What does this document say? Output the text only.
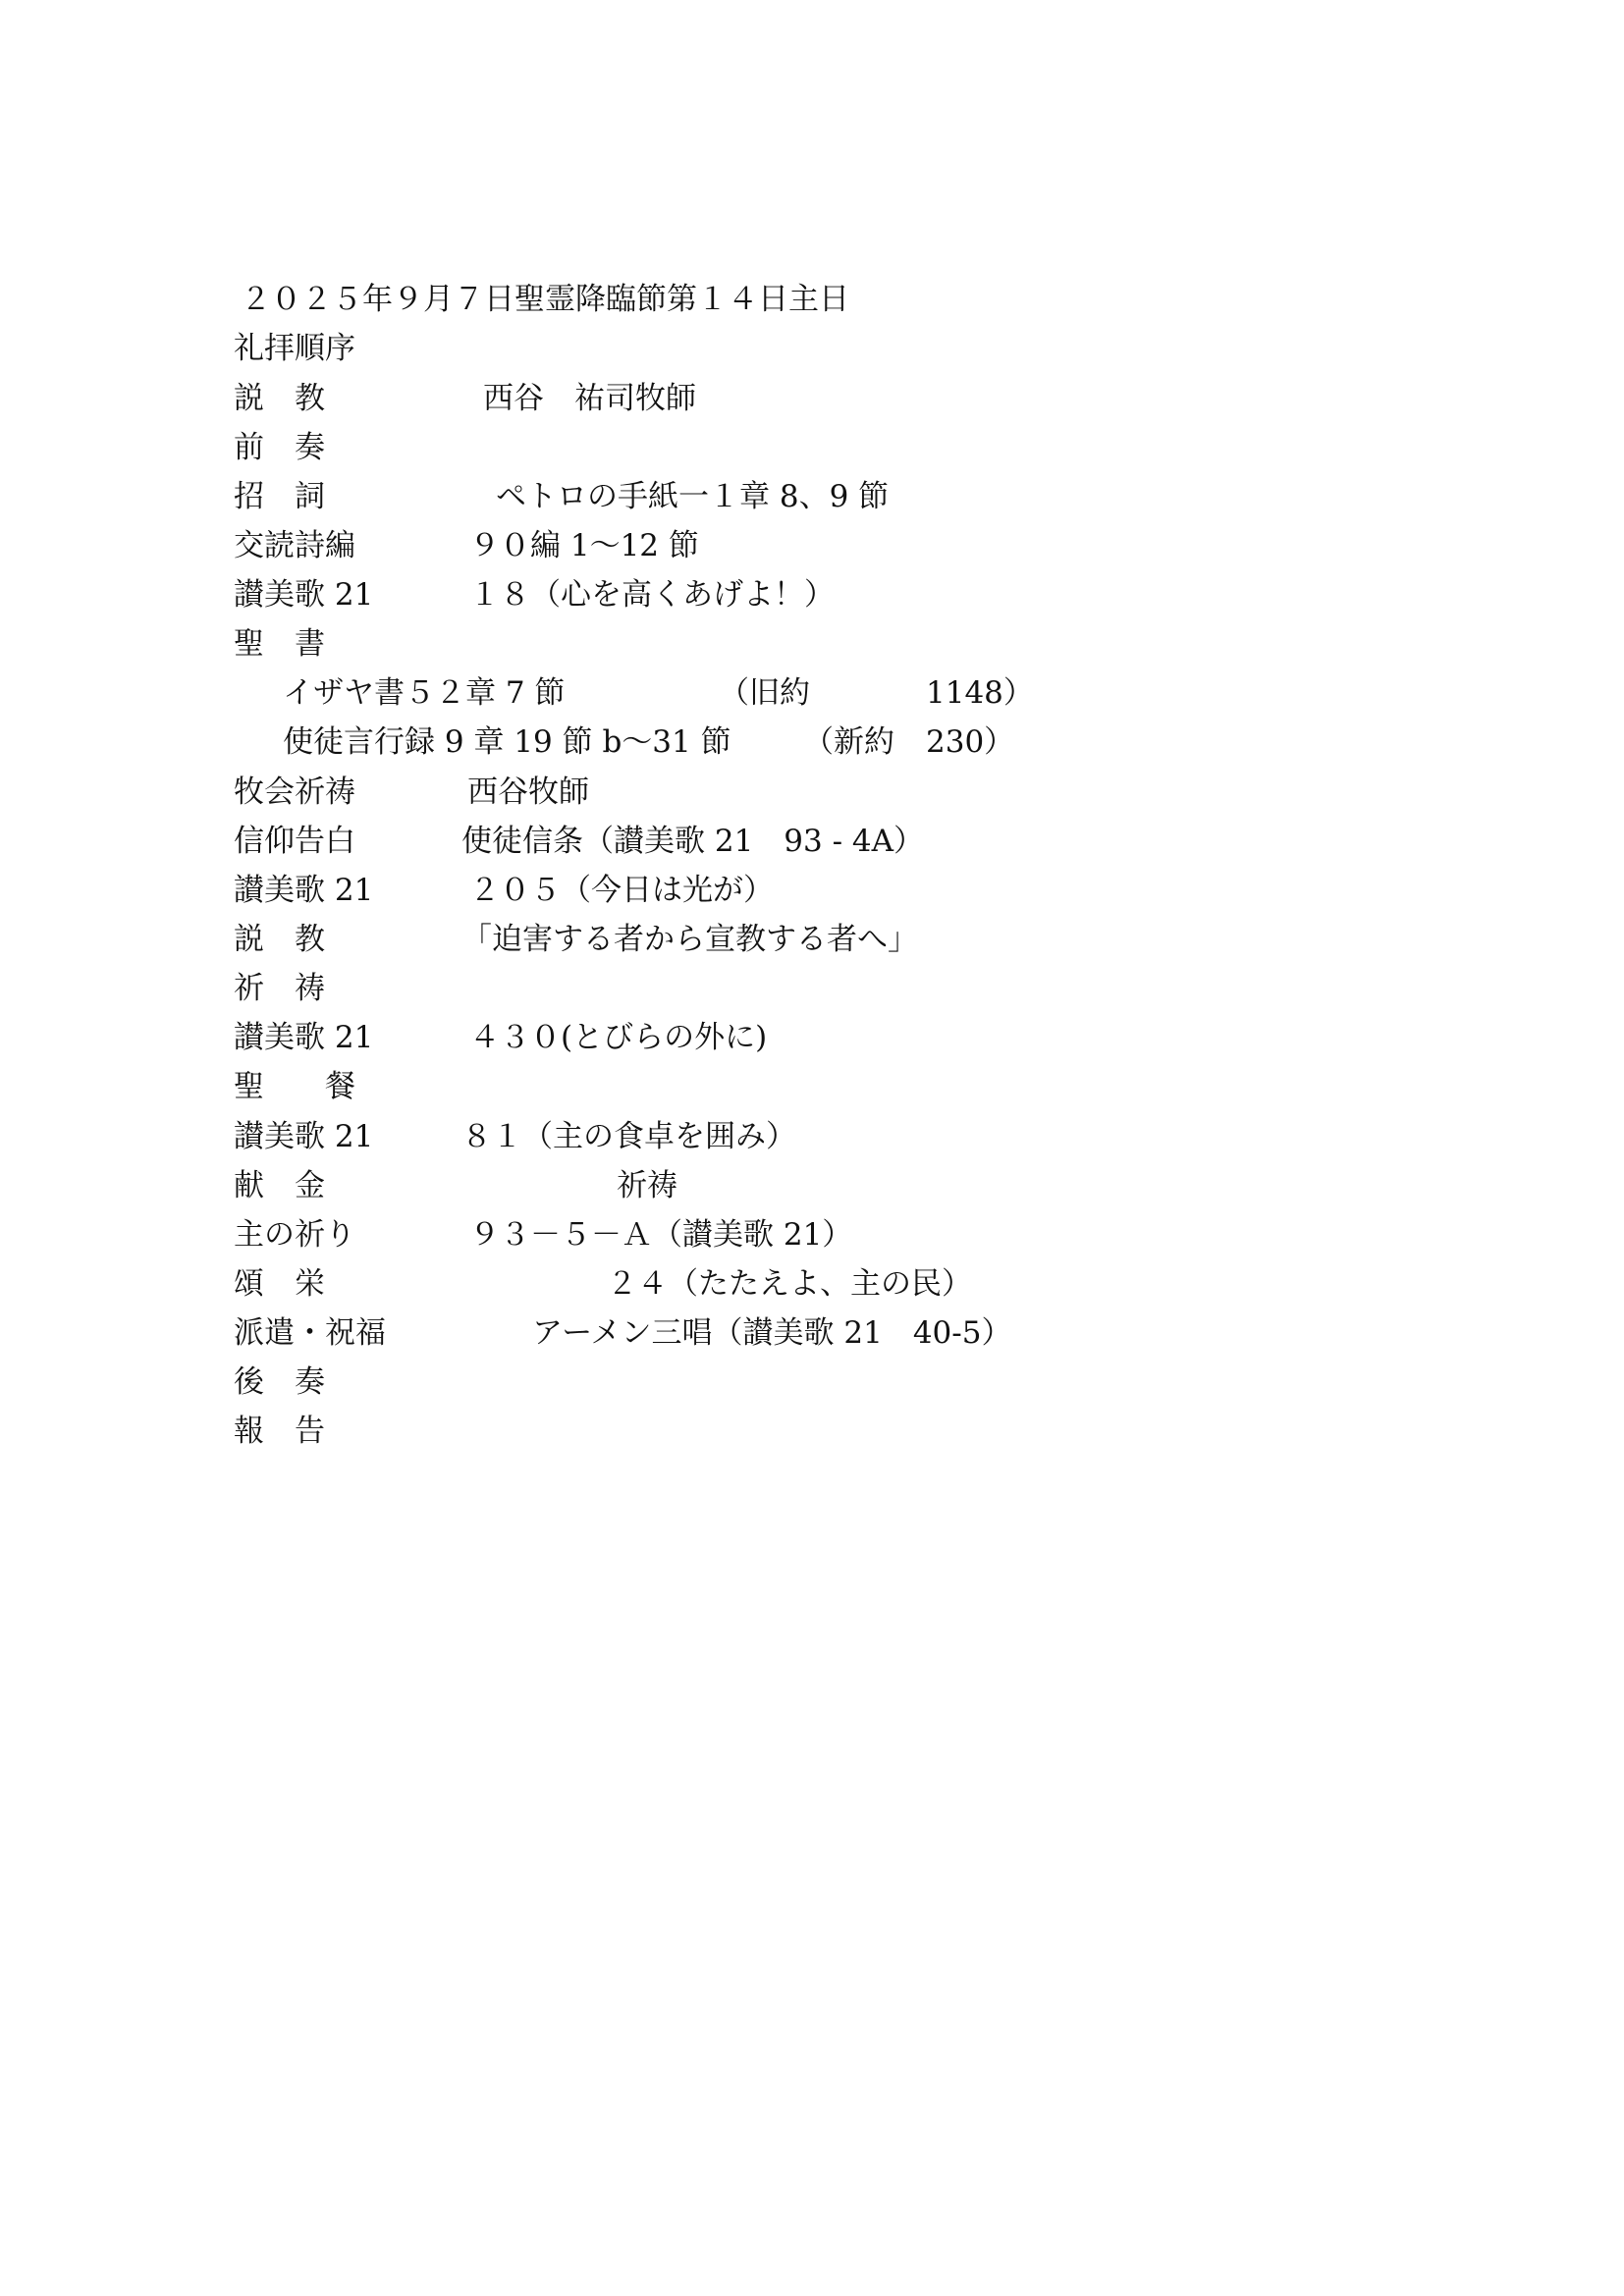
２０２５年９月７日聖霊降臨節第１４日主日
礼拝順序
説　教	西谷　祐司牧師
前　奏
招　詞	ペトロの手紙一１章 8、9 節
交読詩編	９０編 1～12 節
讃美歌 21	１８（心を高くあげよ！）
聖　書
イザヤ書５２章 7 節	（旧約	1148）
使徒言行録 9 章 19 節 b～31 節 （新約 230）
牧会祈祷	西谷牧師
信仰告白	使徒信条（讃美歌 21　93 - 4A）
讃美歌 21	２０５（今日は光が）
説　教	「迫害する者から宣教する者へ」
祈　祷
讃美歌 21	４３０(とびらの外に)
聖　　餐
讃美歌 21	８１（主の食卓を囲み）
献　金	祈祷
主の祈り	９３－５－Ａ（讃美歌 21）
頌　栄	２４（たたえよ、主の民）
派遣・祝福	アーメン三唱（讃美歌 21　40-5）
後　奏
報　告
